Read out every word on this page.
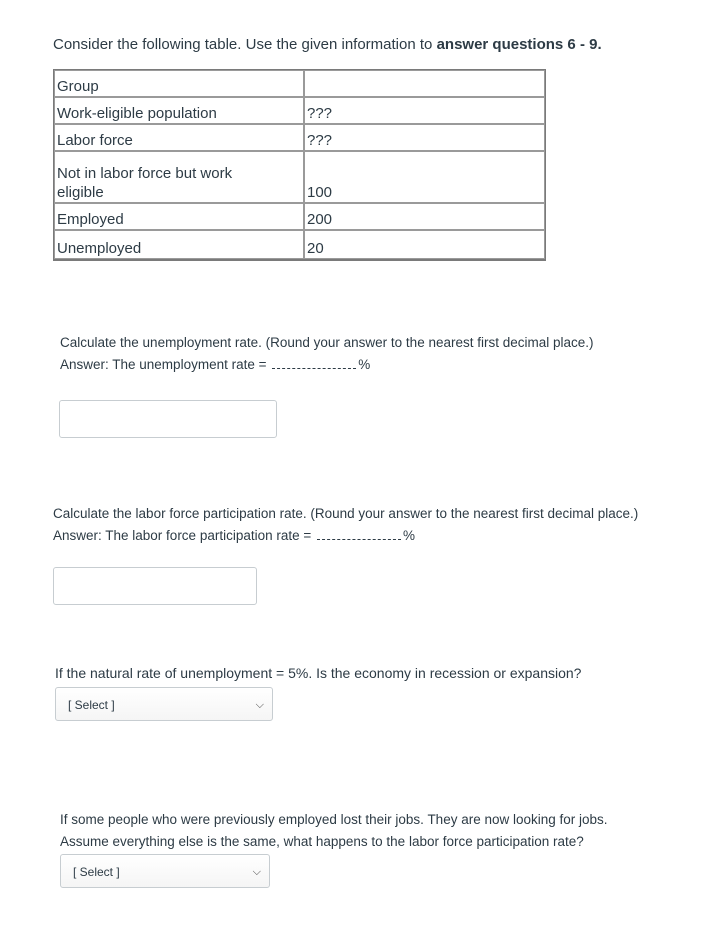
Consider the following table. Use the given information to answer questions 6 - 9.
Group	
Work-eligible population	???
Labor force	???
Not in labor force but work
eligible	100
Employed	200
Unemployed	20
Calculate the unemployment rate. (Round your answer to the nearest first decimal place.)
Answer: The unemployment rate =	%
Calculate the labor force participation rate. (Round your answer to the nearest first decimal place.)
Answer: The labor force participation rate =	%
If the natural rate of unemployment = 5%. Is the economy in recession or expansion?
[ Select ]	⌵
If some people who were previously employed lost their jobs. They are now looking for jobs.
Assume everything else is the same, what happens to the labor force participation rate?
[ Select ]	⌵
